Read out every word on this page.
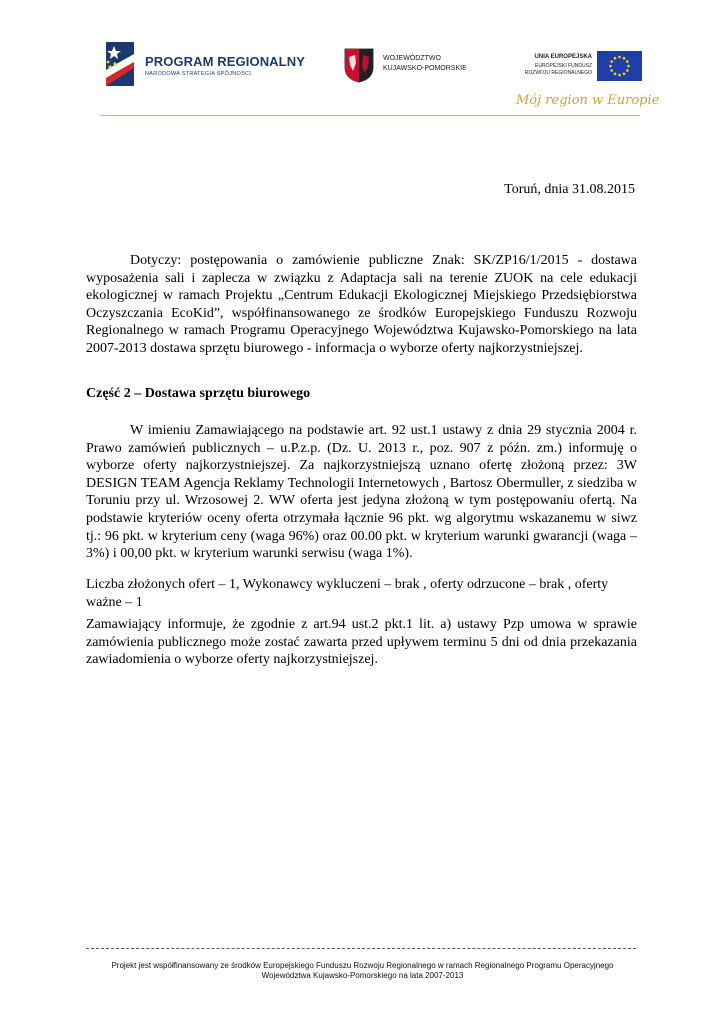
PROGRAM REGIONALNY
NARODOWA STRATEGIA SPÓJNOŚCI
WOJEWÓDZTWO
KUJAWSKO-POMORSKIE
UNIA EUROPEJSKA
EUROPEJSKI FUNDUSZ
ROZWOJU REGIONALNEGO
Mój region w Europie
Toruń, dnia 31.08.2015

Dotyczy: postępowania o zamówienie publiczne Znak: SK/ZP16/1/2015 - dostawa wyposażenia sali i zaplecza w związku z Adaptacja sali na terenie ZUOK na cele edukacji ekologicznej w ramach Projektu „Centrum Edukacji Ekologicznej Miejskiego Przedsiębiorstwa Oczyszczania EcoKid”, współfinansowanego ze środków Europejskiego Funduszu Rozwoju Regionalnego w ramach Programu Operacyjnego Województwa Kujawsko-Pomorskiego na lata 2007-2013 dostawa sprzętu biurowego - informacja o wyborze oferty najkorzystniejszej.

Część 2 – Dostawa sprzętu biurowego

W imieniu Zamawiającego na podstawie art. 92 ust.1 ustawy z dnia 29 stycznia 2004 r. Prawo zamówień publicznych – u.P.z.p. (Dz. U. 2013 r., poz. 907 z późn. zm.) informuję o wyborze oferty najkorzystniejszej. Za najkorzystniejszą uznano ofertę złożoną przez: 3W DESIGN TEAM Agencja Reklamy Technologii Internetowych , Bartosz Obermuller, z siedziba w Toruniu przy ul. Wrzosowej 2. WW oferta jest jedyna złożoną w tym postępowaniu ofertą. Na podstawie kryteriów oceny oferta otrzymała łącznie 96 pkt. wg algorytmu wskazanemu w siwz tj.: 96 pkt. w kryterium ceny (waga 96%) oraz 00.00 pkt. w kryterium warunki gwarancji (waga – 3%) i 00,00 pkt. w kryterium warunki serwisu (waga 1%).

Liczba złożonych ofert – 1, Wykonawcy wykluczeni – brak , oferty odrzucone – brak , oferty ważne – 1

Zamawiający informuje, że zgodnie z art.94 ust.2 pkt.1 lit. a) ustawy Pzp umowa w sprawie zamówienia publicznego może zostać zawarta przed upływem terminu 5 dni od dnia przekazania zawiadomienia o wyborze oferty najkorzystniejszej.

Projekt jest współfinansowany ze środków Europejskiego Funduszu Rozwoju Regionalnego w ramach Regionalnego Programu Operacyjnego
Województwa Kujawsko-Pomorskiego na lata 2007-2013
